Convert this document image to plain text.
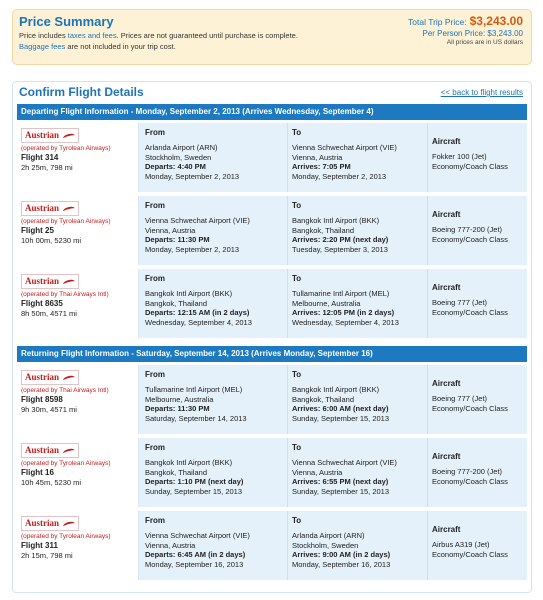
Price Summary
Price includes taxes and fees. Prices are not guaranteed until purchase is complete.
Baggage fees are not included in your trip cost.
Total Trip Price: $3,243.00
Per Person Price: $3,243.00
All prices are in US dollars
Confirm Flight Details	<< back to flight results
Departing Flight Information - Monday, September 2, 2013 (Arrives Wednesday, September 4)
Austrian
(operated by Tyrolean Airways)
Flight 314
2h 25m, 798 mi
From
Arlanda Airport (ARN)
Stockholm, Sweden
Departs: 4:40 PM
Monday, September 2, 2013
To
Vienna Schwechat Airport (VIE)
Vienna, Austria
Arrives: 7:05 PM
Monday, September 2, 2013
Aircraft
Fokker 100 (Jet)
Economy/Coach Class
Austrian
(operated by Tyrolean Airways)
Flight 25
10h 00m, 5230 mi
From
Vienna Schwechat Airport (VIE)
Vienna, Austria
Departs: 11:30 PM
Monday, September 2, 2013
To
Bangkok Intl Airport (BKK)
Bangkok, Thailand
Arrives: 2:20 PM (next day)
Tuesday, September 3, 2013
Aircraft
Boeing 777-200 (Jet)
Economy/Coach Class
Austrian
(operated by Thai Airways Intl)
Flight 8635
8h 50m, 4571 mi
From
Bangkok Intl Airport (BKK)
Bangkok, Thailand
Departs: 12:15 AM (in 2 days)
Wednesday, September 4, 2013
To
Tullamarine Intl Airport (MEL)
Melbourne, Australia
Arrives: 12:05 PM (in 2 days)
Wednesday, September 4, 2013
Aircraft
Boeing 777 (Jet)
Economy/Coach Class
Returning Flight Information - Saturday, September 14, 2013 (Arrives Monday, September 16)
Austrian
(operated by Thai Airways Intl)
Flight 8598
9h 30m, 4571 mi
From
Tullamarine Intl Airport (MEL)
Melbourne, Australia
Departs: 11:30 PM
Saturday, September 14, 2013
To
Bangkok Intl Airport (BKK)
Bangkok, Thailand
Arrives: 6:00 AM (next day)
Sunday, September 15, 2013
Aircraft
Boeing 777 (Jet)
Economy/Coach Class
Austrian
(operated by Tyrolean Airways)
Flight 16
10h 45m, 5230 mi
From
Bangkok Intl Airport (BKK)
Bangkok, Thailand
Departs: 1:10 PM (next day)
Sunday, September 15, 2013
To
Vienna Schwechat Airport (VIE)
Vienna, Austria
Arrives: 6:55 PM (next day)
Sunday, September 15, 2013
Aircraft
Boeing 777-200 (Jet)
Economy/Coach Class
Austrian
(operated by Tyrolean Airways)
Flight 311
2h 15m, 798 mi
From
Vienna Schwechat Airport (VIE)
Vienna, Austria
Departs: 6:45 AM (in 2 days)
Monday, September 16, 2013
To
Arlanda Airport (ARN)
Stockholm, Sweden
Arrives: 9:00 AM (in 2 days)
Monday, September 16, 2013
Aircraft
Airbus A319 (Jet)
Economy/Coach Class
